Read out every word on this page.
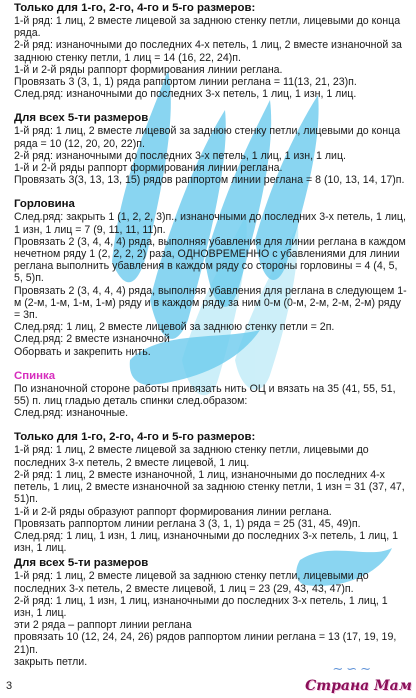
Только для 1-го, 2-го, 4-го и 5-го размеров:

1-й ряд: 1 лиц, 2 вместе лицевой за заднюю стенку петли, лицевыми до конца ряда.

2-й ряд: изнаночными до последних 4-х петель, 1 лиц, 2 вместе изнаночной за заднюю стенку петли, 1 лиц = 14 (16, 22, 24)п.

1-й и 2-й ряды раппорт формирования линии реглана.

Провязать 3 (3, 1, 1) ряда раппортом линии реглана = 11(13, 21, 23)п.

След.ряд: изнаночными до последних 3-х петель, 1 лиц, 1 изн, 1 лиц.

Для всех 5-ти размеров

1-й ряд: 1 лиц, 2 вместе лицевой за заднюю стенку петли, лицевыми до конца ряда = 10 (12, 20, 20, 22)п.

2-й ряд: изнаночными до последних 3-х петель, 1 лиц, 1 изн, 1 лиц.

1-й и 2-й ряды раппорт формирования линии реглана.

Провязать 3(3, 13, 13, 15) рядов раппортом линии реглана = 8 (10, 13, 14, 17)п.

Горловина

След.ряд: закрыть 1 (1, 2, 2, 3)п., изнаночными до последних 3-х петель, 1 лиц, 1 изн, 1 лиц = 7 (9, 11, 11, 11)п.

Провязать 2 (3, 4, 4, 4) ряда, выполняя убавления для линии реглана в каждом нечетном ряду 1 (2, 2, 2, 2) раза, ОДНОВРЕМЕННО с убавлениями для линии реглана выполнить убавления в каждом ряду со стороны горловины = 4 (4, 5, 5, 5)п.

Провязать 2 (3, 4, 4, 4) ряда, выполняя убавления для реглана в следующем 1-м (2-м, 1-м, 1-м, 1-м) ряду и в каждом ряду за ним 0-м (0-м, 2-м, 2-м, 2-м) ряду = 3п.

След.ряд: 1 лиц, 2 вместе лицевой за заднюю стенку петли = 2п.

След.ряд: 2 вместе изнаночной

Оборвать и закрепить нить.

Спинка

По изнаночной стороне работы привязать нить ОЦ и вязать на 35 (41, 55, 51, 55) п. лиц гладью деталь спинки след.образом:

След.ряд: изнаночные.

Только для 1-го, 2-го, 4-го и 5-го размеров:

1-й ряд: 1 лиц, 2 вместе лицевой за заднюю стенку петли, лицевыми до последних 3-х петель, 2 вместе лицевой, 1 лиц.

2-й ряд: 1 лиц, 2 вместе изнаночной, 1 лиц, изнаночными до последних 4-х петель, 1 лиц, 2 вместе изнаночной за заднюю стенку петли, 1 изн = 31 (37, 47, 51)п.

1-й и 2-й ряды образуют раппорт формирования линии реглана.

Провязать раппортом линии реглана 3 (3, 1, 1) ряда = 25 (31, 45, 49)п.

След.ряд: 1 лиц, 1 изн, 1 лиц, изнаночными до последних 3-х петель, 1 лиц, 1 изн, 1 лиц.

Для всех 5-ти размеров

1-й ряд: 1 лиц, 2 вместе лицевой за заднюю стенку петли, лицевыми до последних 3-х петель, 2 вместе лицевой, 1 лиц = 23 (29, 43, 43, 47)п.

2-й ряд: 1 лиц, 1 изн, 1 лиц, изнаночными до последних 3-х петель, 1 лиц, 1 изн, 1 лиц.

эти 2 ряда – раппорт линии реглана

провязать 10 (12, 24, 24, 26) рядов раппортом линии реглана = 13 (17, 19, 19, 21)п.

закрыть петли.

3
∼∽∼
Страна Мам
